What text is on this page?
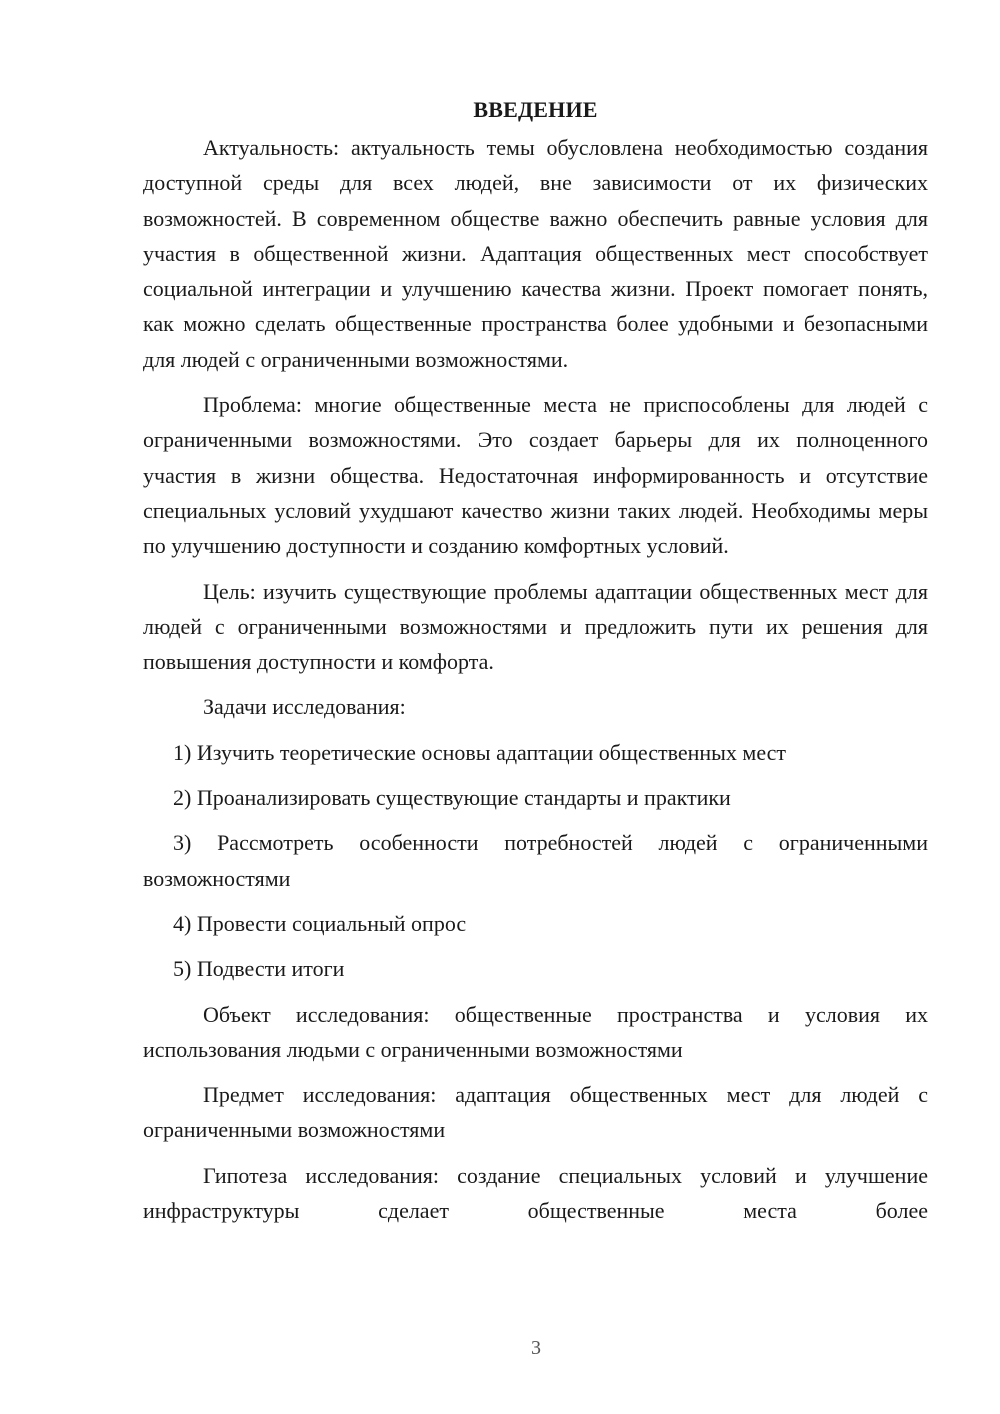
ВВЕДЕНИЕ

Актуальность: актуальность темы обусловлена необходимостью создания доступной среды для всех людей, вне зависимости от их физических возможностей. В современном обществе важно обеспечить равные условия для участия в общественной жизни. Адаптация общественных мест способствует социальной интеграции и улучшению качества жизни. Проект помогает понять, как можно сделать общественные пространства более удобными и безопасными для людей с ограниченными возможностями.

Проблема: многие общественные места не приспособлены для людей с ограниченными возможностями. Это создает барьеры для их полноценного участия в жизни общества. Недостаточная информированность и отсутствие специальных условий ухудшают качество жизни таких людей. Необходимы меры по улучшению доступности и созданию комфортных условий.

Цель: изучить существующие проблемы адаптации общественных мест для людей с ограниченными возможностями и предложить пути их решения для повышения доступности и комфорта.

Задачи исследования:

1) Изучить теоретические основы адаптации общественных мест

2) Проанализировать существующие стандарты и практики

3) Рассмотреть особенности потребностей людей с ограниченными возможностями

4) Провести социальный опрос

5) Подвести итоги

Объект исследования: общественные пространства и условия их использования людьми с ограниченными возможностями

Предмет исследования: адаптация общественных мест для людей с ограниченными возможностями

Гипотеза исследования: создание специальных условий и улучшение инфраструктуры сделает общественные места более

3
